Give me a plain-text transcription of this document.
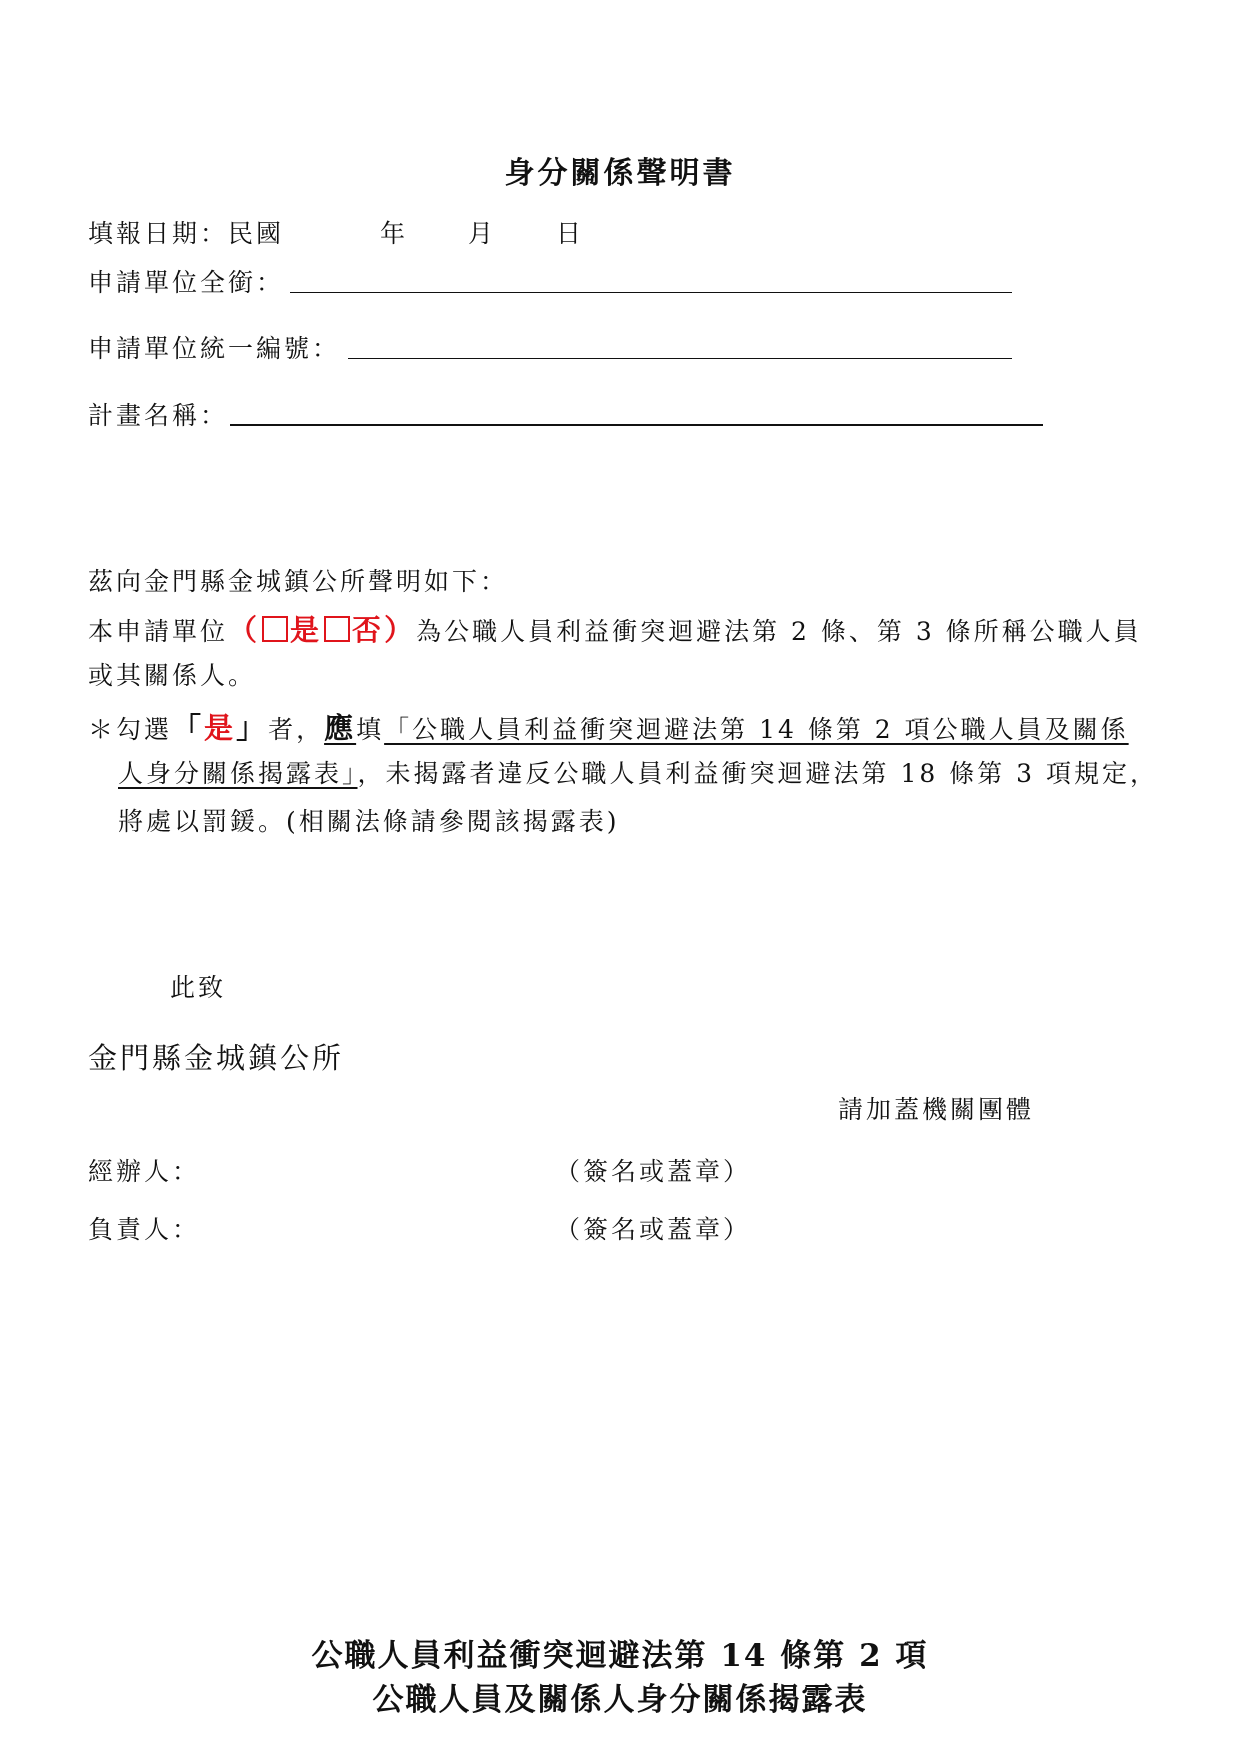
身分關係聲明書
填報日期：民國	年 月 日
申請單位全銜：
申請單位統一編號：
計畫名稱：
茲向金門縣金城鎮公所聲明如下：
本申請單位（ 是 否）為公職人員利益衝突迴避法第 2 條、第 3 條所稱公職人員
或其關係人。
＊勾選「是」者，應填「公職人員利益衝突迴避法第 14 條第 2 項公職人員及關係
人身分關係揭露表」，未揭露者違反公職人員利益衝突迴避法第 18 條第 3 項規定，
將處以罰鍰。(相關法條請參閱該揭露表)
此致
金門縣金城鎮公所
請加蓋機關團體
經辦人：	（簽名或蓋章）
負責人：	（簽名或蓋章）
公職人員利益衝突迴避法第 14 條第 2 項
公職人員及關係人身分關係揭露表
